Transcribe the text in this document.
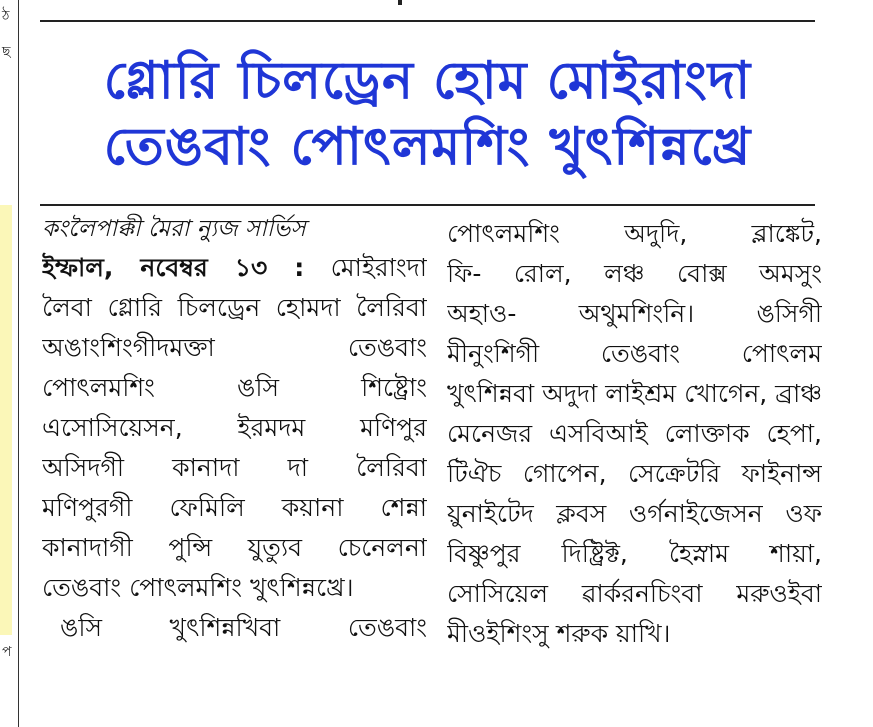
ঠ
ছ
প
গ্লোরি চিলড্রেন হোম মোইরাংদা
তেঙবাং পোৎলমশিং খুৎশিন্নখ্রে

কংলৈপাক্কী মৈরা ন্যুজ সার্ভিস

ইম্ফাল, নবেম্বর ১৩ : মোইরাংদা

লৈবা গ্লোরি চিলড্রেন হোমদা লৈরিবা

অঙাংশিংগীদমক্তা তেঙবাং

পোৎলমশিং ঙসি শিষ্ট্রোং

এসোসিয়েসন, ইরমদম মণিপুর

অসিদগী কানাদা দা লৈরিবা

মণিপুরগী ফেমিলি কয়ানা শেন্না

কানাদাগী পুন্সি যুত্যুব চেনেলনা

তেঙবাং পোৎলমশিং খুৎশিন্নখ্রে।

ঙসি খুৎশিন্নখিবা তেঙবাং

পোৎলমশিং অদুদি, ব্লাঙ্কেট,

ফি- রোল, লঞ্চ বোক্স অমসুং

অহাও- অথুমশিংনি। ঙসিগী

মীনুংশিগী তেঙবাং পোৎলম

খুৎশিন্নবা অদুদা লাইশ্রম খোগেন, ব্রাঞ্চ

মেনেজর এসবিআই লোক্তাক হেপা,

টিঐচ গোপেন, সেক্রেটরি ফাইনান্স

য়ুনাইটেদ ক্লবস ওর্গনাইজেসন ওফ

বিষ্ণুপুর দিষ্ট্রিক্ট, হৈস্নাম শায়া,

সোসিয়েল ৱার্করনচিংবা মরুওইবা

মীওইশিংসু শরুক য়াখি।
